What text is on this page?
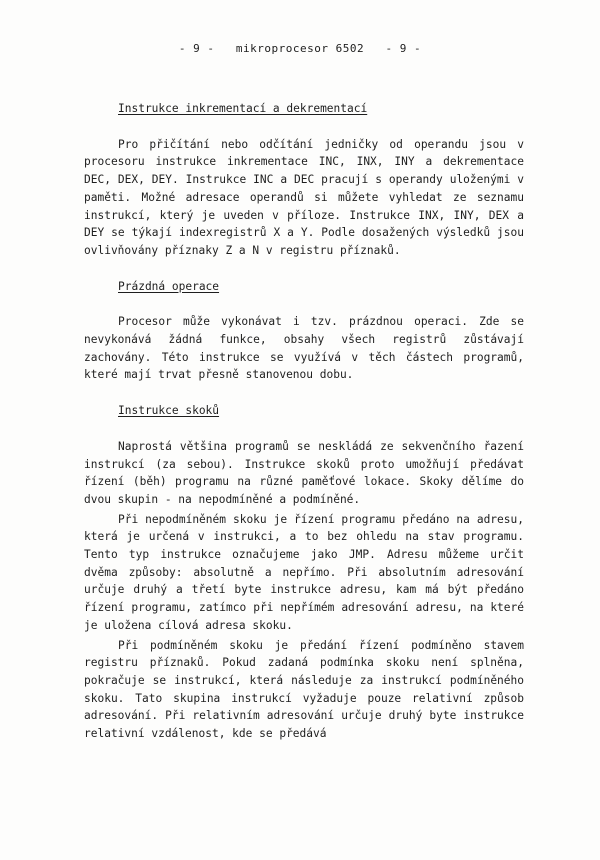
- 9 -   mikroprocesor 6502   - 9 -
Instrukce inkrementací a dekrementací

Pro přičítání nebo odčítání jedničky od operandu jsou v procesoru instrukce inkrementace INC, INX, INY a dekrementace DEC, DEX, DEY. Instrukce INC a DEC pracují s operandy uloženými v paměti. Možné adresace operandů si můžete vyhledat ze seznamu instrukcí, který je uveden v příloze. Instrukce INX, INY, DEX a DEY se týkají indexregistrů X a Y. Podle dosažených výsledků jsou ovlivňovány příznaky Z a N v registru příznaků.

Prázdná operace

Procesor může vykonávat i tzv. prázdnou operaci. Zde se nevykonává žádná funkce, obsahy všech registrů zůstávají zachovány. Této instrukce se využívá v těch částech programů, které mají trvat přesně stanovenou dobu.

Instrukce skoků

Naprostá většina programů se neskládá ze sekvenčního řazení instrukcí (za sebou). Instrukce skoků proto umožňují předávat řízení (běh) programu na různé paměťové lokace. Skoky dělíme do dvou skupin - na nepodmíněné a podmíněné.

Při nepodmíněném skoku je řízení programu předáno na adresu, která je určená v instrukci, a to bez ohledu na stav programu. Tento typ instrukce označujeme jako JMP. Adresu můžeme určit dvěma způsoby: absolutně a nepřímo. Při absolutním adresování určuje druhý a třetí byte instrukce adresu, kam má být předáno řízení programu, zatímco při nepřímém adresování adresu, na které je uložena cílová adresa skoku.

Při podmíněném skoku je předání řízení podmíněno stavem registru příznaků. Pokud zadaná podmínka skoku není splněna, pokračuje se instrukcí, která následuje za instrukcí podmíněného skoku. Tato skupina instrukcí vyžaduje pouze relativní způsob adresování. Při relativním adresování určuje druhý byte instrukce relativní vzdálenost, kde se předává
